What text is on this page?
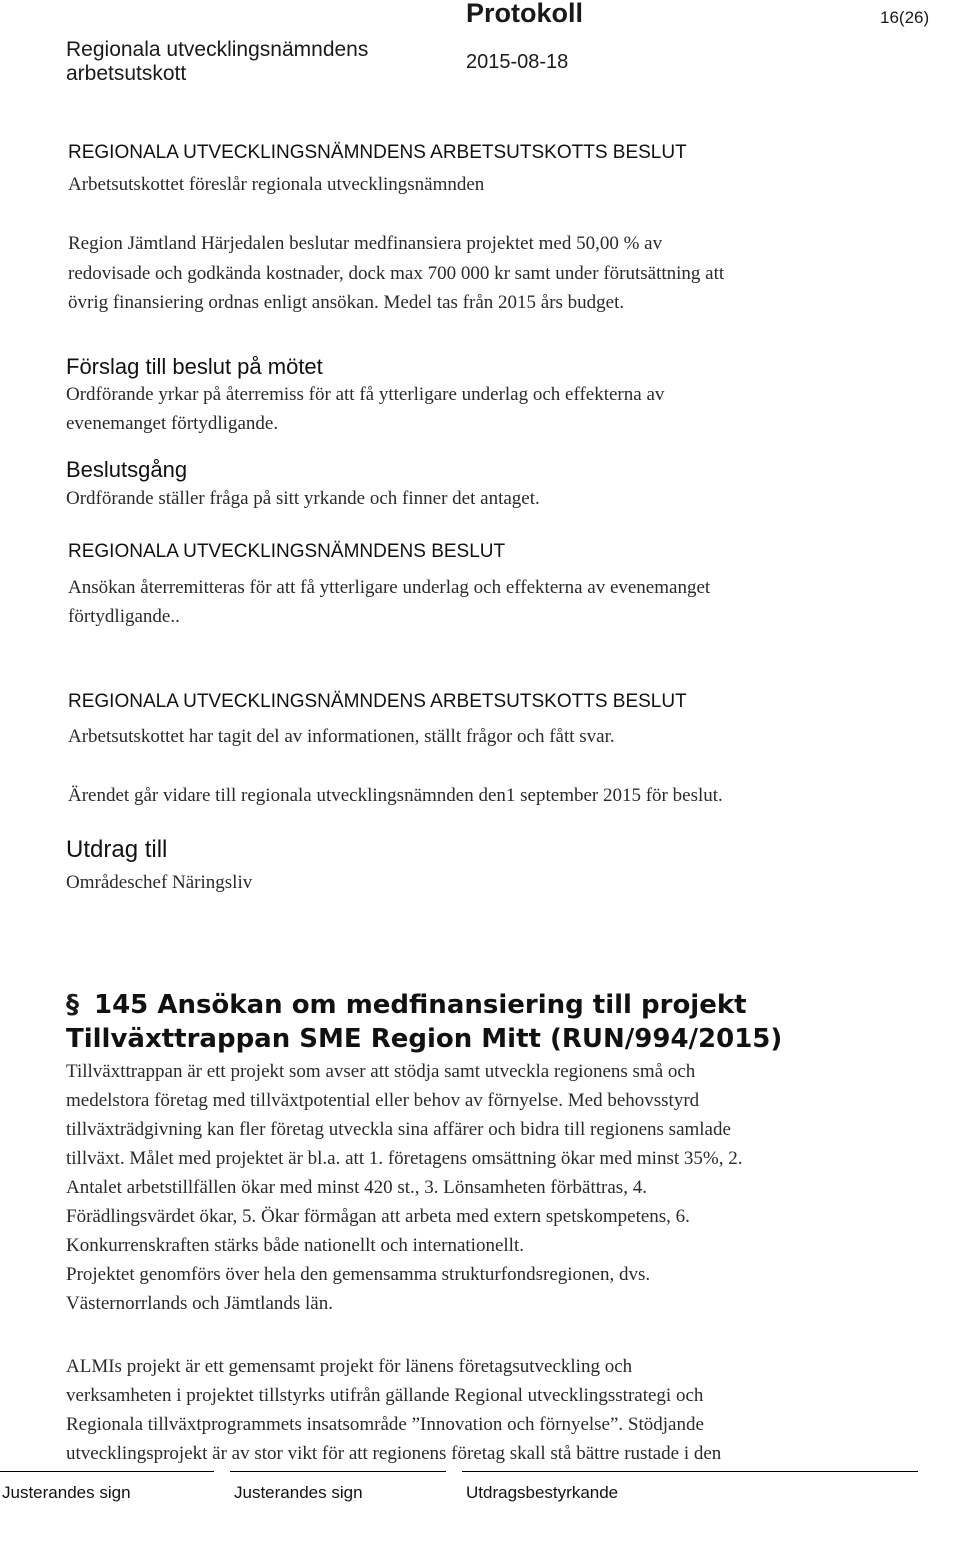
Regionala utvecklingsnämndens
arbetsutskott
Protokoll
2015-08-18
16(26)
REGIONALA UTVECKLINGSNÄMNDENS ARBETSUTSKOTTS BESLUT
Arbetsutskottet föreslår regionala utvecklingsnämnden
Region Jämtland Härjedalen beslutar medfinansiera projektet med 50,00 % av
redovisade och godkända kostnader, dock max 700 000 kr samt under förutsättning att
övrig finansiering ordnas enligt ansökan. Medel tas från 2015 års budget.
Förslag till beslut på mötet
Ordförande yrkar på återremiss för att få ytterligare underlag och effekterna av
evenemanget förtydligande.
Beslutsgång
Ordförande ställer fråga på sitt yrkande och finner det antaget.
REGIONALA UTVECKLINGSNÄMNDENS BESLUT
Ansökan återremitteras för att få ytterligare underlag och effekterna av evenemanget
förtydligande..
REGIONALA UTVECKLINGSNÄMNDENS ARBETSUTSKOTTS BESLUT
Arbetsutskottet har tagit del av informationen, ställt frågor och fått svar.
Ärendet går vidare till regionala utvecklingsnämnden den1 september 2015 för beslut.
Utdrag till
Områdeschef Näringsliv
§ 145 Ansökan om medfinansiering till projekt
Tillväxttrappan SME Region Mitt (RUN/994/2015)
Tillväxttrappan är ett projekt som avser att stödja samt utveckla regionens små och
medelstora företag med tillväxtpotential eller behov av förnyelse. Med behovsstyrd
tillväxträdgivning kan fler företag utveckla sina affärer och bidra till regionens samlade
tillväxt. Målet med projektet är bl.a. att 1. företagens omsättning ökar med minst 35%, 2.
Antalet arbetstillfällen ökar med minst 420 st., 3. Lönsamheten förbättras, 4.
Förädlingsvärdet ökar, 5. Ökar förmågan att arbeta med extern spetskompetens, 6.
Konkurrenskraften stärks både nationellt och internationellt.
Projektet genomförs över hela den gemensamma strukturfondsregionen, dvs.
Västernorrlands och Jämtlands län.
ALMIs projekt är ett gemensamt projekt för länens företagsutveckling och
verksamheten i projektet tillstyrks utifrån gällande Regional utvecklingsstrategi och
Regionala tillväxtprogrammets insatsområde ”Innovation och förnyelse”. Stödjande
utvecklingsprojekt är av stor vikt för att regionens företag skall stå bättre rustade i den
Justerandes sign	Justerandes sign	Utdragsbestyrkande
